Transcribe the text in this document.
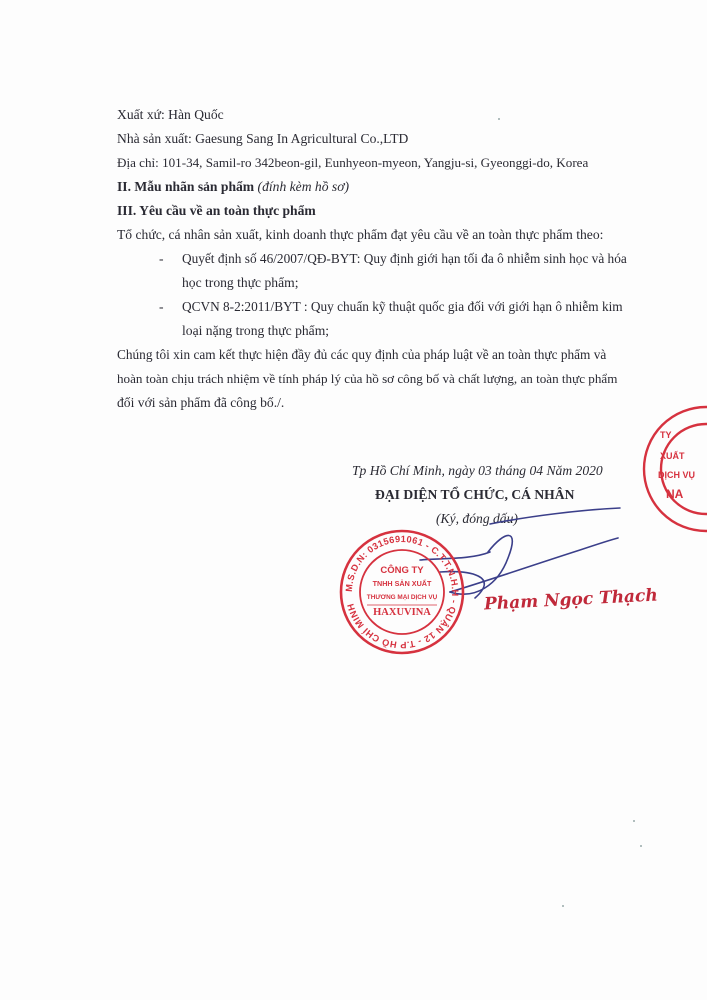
Xuất xứ: Hàn Quốc
Nhà sản xuất: Gaesung Sang In Agricultural Co.,LTD
Địa chỉ: 101-34, Samil-ro 342beon-gil, Eunhyeon-myeon, Yangju-si, Gyeonggi-do, Korea
II. Mẫu nhãn sản phẩm (đính kèm hồ sơ)
III. Yêu cầu về an toàn thực phẩm
Tổ chức, cá nhân sản xuất, kinh doanh thực phẩm đạt yêu cầu về an toàn thực phẩm theo:
- Quyết định số 46/2007/QĐ-BYT: Quy định giới hạn tối đa ô nhiễm sinh học và hóa
học trong thực phẩm;
- QCVN 8-2:2011/BYT : Quy chuẩn kỹ thuật quốc gia đối với giới hạn ô nhiễm kim
loại nặng trong thực phẩm;
Chúng tôi xin cam kết thực hiện đầy đủ các quy định của pháp luật về an toàn thực phẩm và
hoàn toàn chịu trách nhiệm về tính pháp lý của hồ sơ công bố và chất lượng, an toàn thực phẩm
đối với sản phẩm đã công bố./.
Tp Hồ Chí Minh, ngày 03 tháng 04 Năm 2020
ĐẠI DIỆN TỔ CHỨC, CÁ NHÂN
(Ký, đóng dấu)
TY
XUẤT
DỊCH VỤ
NA
M.S.D.N: 0315691061 - C.T.T.N.H.H - QUẬN 12 - T.P HỒ CHÍ MINH
CÔNG TY
TNHH SẢN XUẤT
THƯƠNG MẠI DỊCH VỤ
HAXUVINA	Phạm Ngọc Thạch
